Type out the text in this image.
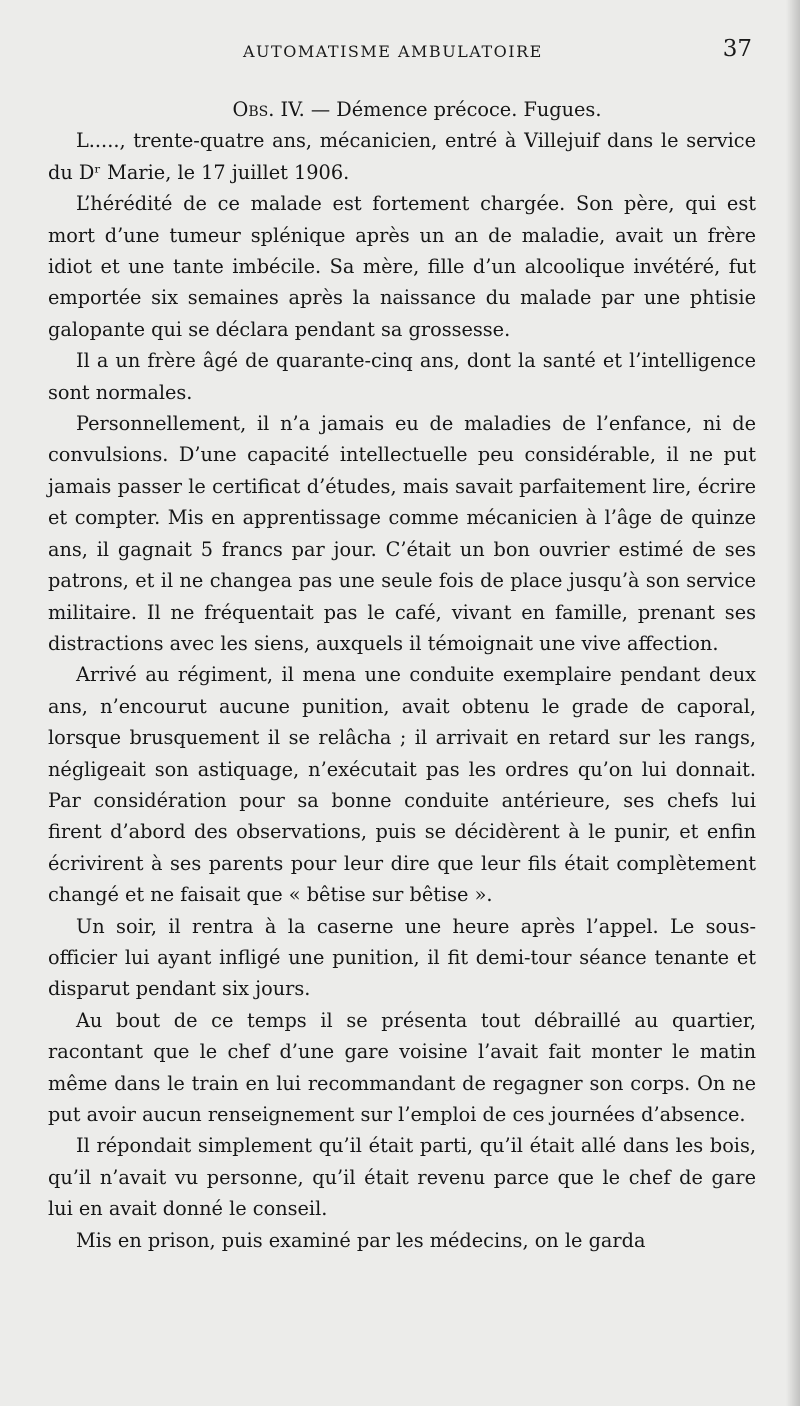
AUTOMATISME AMBULATOIRE	37

Obs. IV. — Démence précoce. Fugues.

L....., trente-quatre ans, mécanicien, entré à Villejuif dans le service du Dʳ Marie, le 17 juillet 1906.

L’hérédité de ce malade est fortement chargée. Son père, qui est mort d’une tumeur splénique après un an de maladie, avait un frère idiot et une tante imbécile. Sa mère, fille d’un alcoolique invétéré, fut emportée six semaines après la naissance du malade par une phtisie galopante qui se déclara pendant sa grossesse.

Il a un frère âgé de quarante-cinq ans, dont la santé et l’intelligence sont normales.

Personnellement, il n’a jamais eu de maladies de l’enfance, ni de convulsions. D’une capacité intellectuelle peu considérable, il ne put jamais passer le certificat d’études, mais savait parfaitement lire, écrire et compter. Mis en apprentissage comme mécanicien à l’âge de quinze ans, il gagnait 5 francs par jour. C’était un bon ouvrier estimé de ses patrons, et il ne changea pas une seule fois de place jusqu’à son service militaire. Il ne fréquentait pas le café, vivant en famille, prenant ses distractions avec les siens, auxquels il témoignait une vive affection.

Arrivé au régiment, il mena une conduite exemplaire pendant deux ans, n’encourut aucune punition, avait obtenu le grade de caporal, lorsque brusquement il se relâcha ; il arrivait en retard sur les rangs, négligeait son astiquage, n’exécutait pas les ordres qu’on lui donnait. Par considération pour sa bonne conduite antérieure, ses chefs lui firent d’abord des observations, puis se décidèrent à le punir, et enfin écrivirent à ses parents pour leur dire que leur fils était complètement changé et ne faisait que « bêtise sur bêtise ».

Un soir, il rentra à la caserne une heure après l’appel. Le sous-officier lui ayant infligé une punition, il fit demi-tour séance tenante et disparut pendant six jours.

Au bout de ce temps il se présenta tout débraillé au quartier, racontant que le chef d’une gare voisine l’avait fait monter le matin même dans le train en lui recommandant de regagner son corps. On ne put avoir aucun renseignement sur l’emploi de ces journées d’absence.

Il répondait simplement qu’il était parti, qu’il était allé dans les bois, qu’il n’avait vu personne, qu’il était revenu parce que le chef de gare lui en avait donné le conseil.

Mis en prison, puis examiné par les médecins, on le garda
